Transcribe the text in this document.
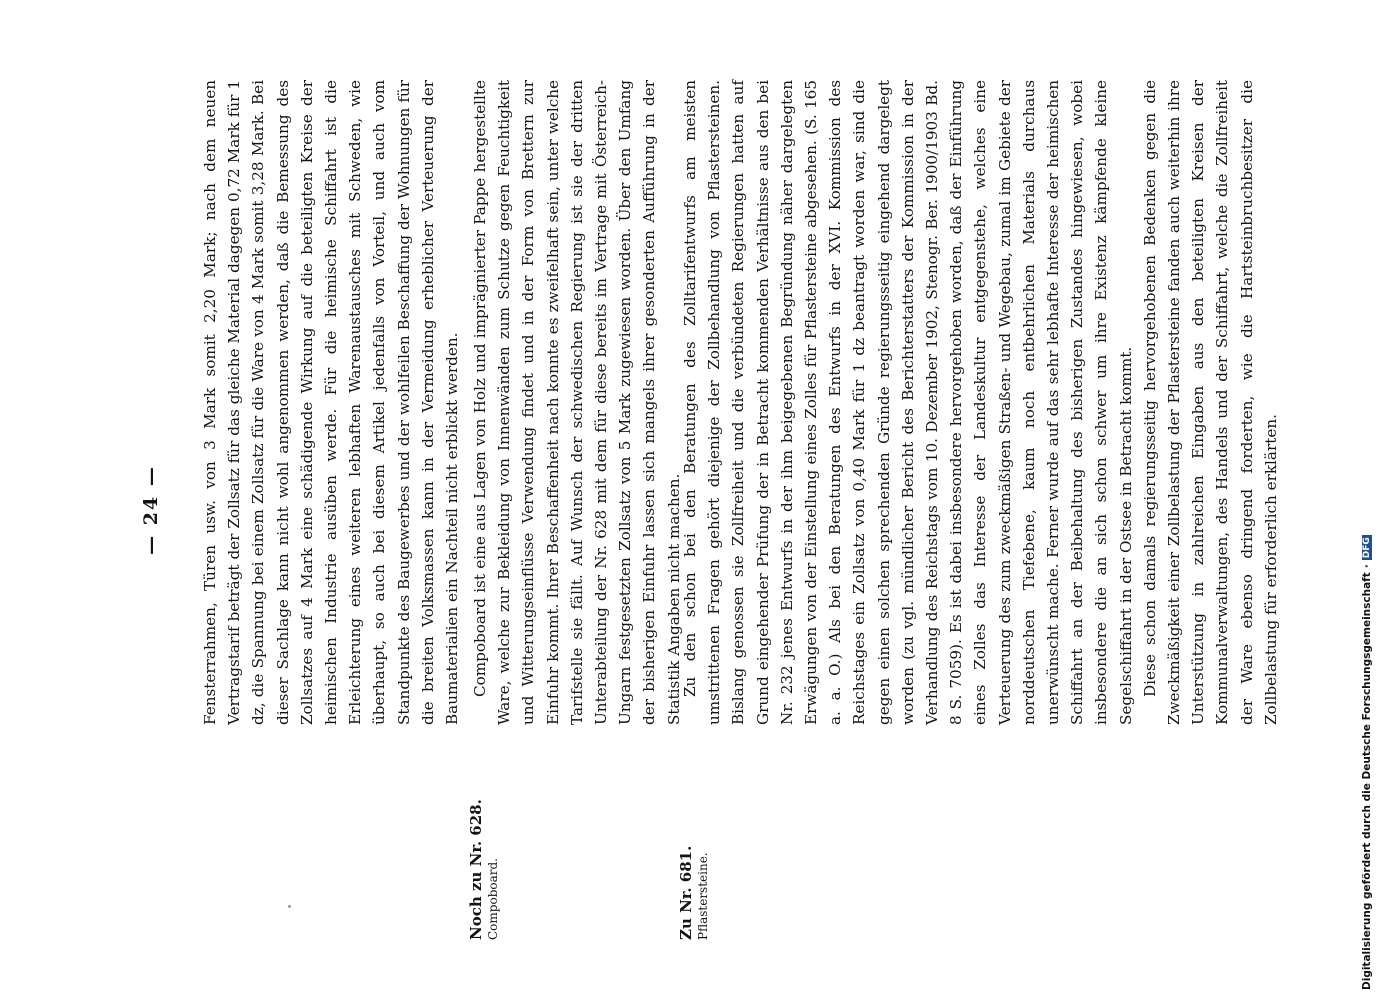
— 24 —	Fensterrahmen, Türen usw. von 3 Mark somit 2,20 Mark; nach dem neuen Vertragstarif beträgt der Zollsatz für das gleiche Material dagegen 0,72 Mark für 1 dz, die Spannung bei einem Zollsatz für die Ware von 4 Mark somit 3,28 Mark. Bei dieser Sachlage kann nicht wohl angenommen werden, daß die Bemessung des Zollsatzes auf 4 Mark eine schädigende Wirkung auf die beteiligten Kreise der heimischen Industrie ausüben werde. Für die heimische Schiffahrt ist die Erleichterung eines weiteren lebhaften Warenaustausches mit Schweden, wie überhaupt, so auch bei diesem Artikel jedenfalls von Vorteil, und auch vom Standpunkte des Baugewerbes und der wohlfeilen Beschaffung der Wohnungen für die breiten Volksmassen kann in der Vermeidung erheblicher Verteuerung der Baumaterialien ein Nachteil nicht erblickt werden.

Noch zu Nr. 628. Compoboard.

Compoboard ist eine aus Lagen von Holz und imprägnierter Pappe hergestellte Ware, welche zur Bekleidung von Innenwänden zum Schutze gegen Feuchtigkeit und Witterungseinflüsse Verwendung findet und in der Form von Brettern zur Einfuhr kommt. Ihrer Beschaffenheit nach konnte es zweifelhaft sein, unter welche Tarifstelle sie fällt. Auf Wunsch der schwedischen Regierung ist sie der dritten Unterabteilung der Nr. 628 mit dem für diese bereits im Vertrage mit Österreich-Ungarn festgesetzten Zollsatz von 5 Mark zugewiesen worden. Über den Umfang der bisherigen Einfuhr lassen sich mangels ihrer gesonderten Aufführung in der Statistik Angaben nicht machen.

Zu Nr. 681. Pflastersteine.

Zu den schon bei den Beratungen des Zolltarifentwurfs am meisten umstrittenen Fragen gehört diejenige der Zollbehandlung von Pflastersteinen. Bislang genossen sie Zollfreiheit und die verbündeten Regierungen hatten auf Grund eingehender Prüfung der in Betracht kommenden Verhältnisse aus den bei Nr. 232 jenes Entwurfs in der ihm beigegebenen Begründung näher dargelegten Erwägungen von der Einstellung eines Zolles für Pflastersteine abgesehen. (S. 165 a. a. O.) Als bei den Beratungen des Entwurfs in der XVI. Kommission des Reichstages ein Zollsatz von 0,40 Mark für 1 dz beantragt worden war, sind die gegen einen solchen sprechenden Gründe regierungsseitig eingehend dargelegt worden (zu vgl. mündlicher Bericht des Berichterstatters der Kommission in der Verhandlung des Reichstags vom 10. Dezember 1902, Stenogr. Ber. 1900/1903 Bd. 8 S. 7059). Es ist dabei insbesondere hervorgehoben worden, daß der Einführung eines Zolles das Interesse der Landeskultur entgegenstehe, welches eine Verteuerung des zum zweckmäßigen Straßen- und Wegebau, zumal im Gebiete der norddeutschen Tiefebene, kaum noch entbehrlichen Materials durchaus unerwünscht mache. Ferner wurde auf das sehr lebhafte Interesse der heimischen Schiffahrt an der Beibehaltung des bisherigen Zustandes hingewiesen, wobei insbesondere die an sich schon schwer um ihre Existenz kämpfende kleine Segelschiffahrt in der Ostsee in Betracht kommt. Diese schon damals regierungsseitig hervorgehobenen Bedenken gegen die Zweckmäßigkeit einer Zollbelastung der Pflastersteine fanden auch weiterhin ihre Unterstützung in zahlreichen Eingaben aus den beteiligten Kreisen der Kommunalverwaltungen, des Handels und der Schiffahrt, welche die Zollfreiheit der Ware ebenso dringend forderten, wie die Hartsteinbruchbesitzer die Zollbelastung für erforderlich erklärten.

Digitalisierung gefördert durch die Deutsche Forschungsgemeinschaft
·
DFG
